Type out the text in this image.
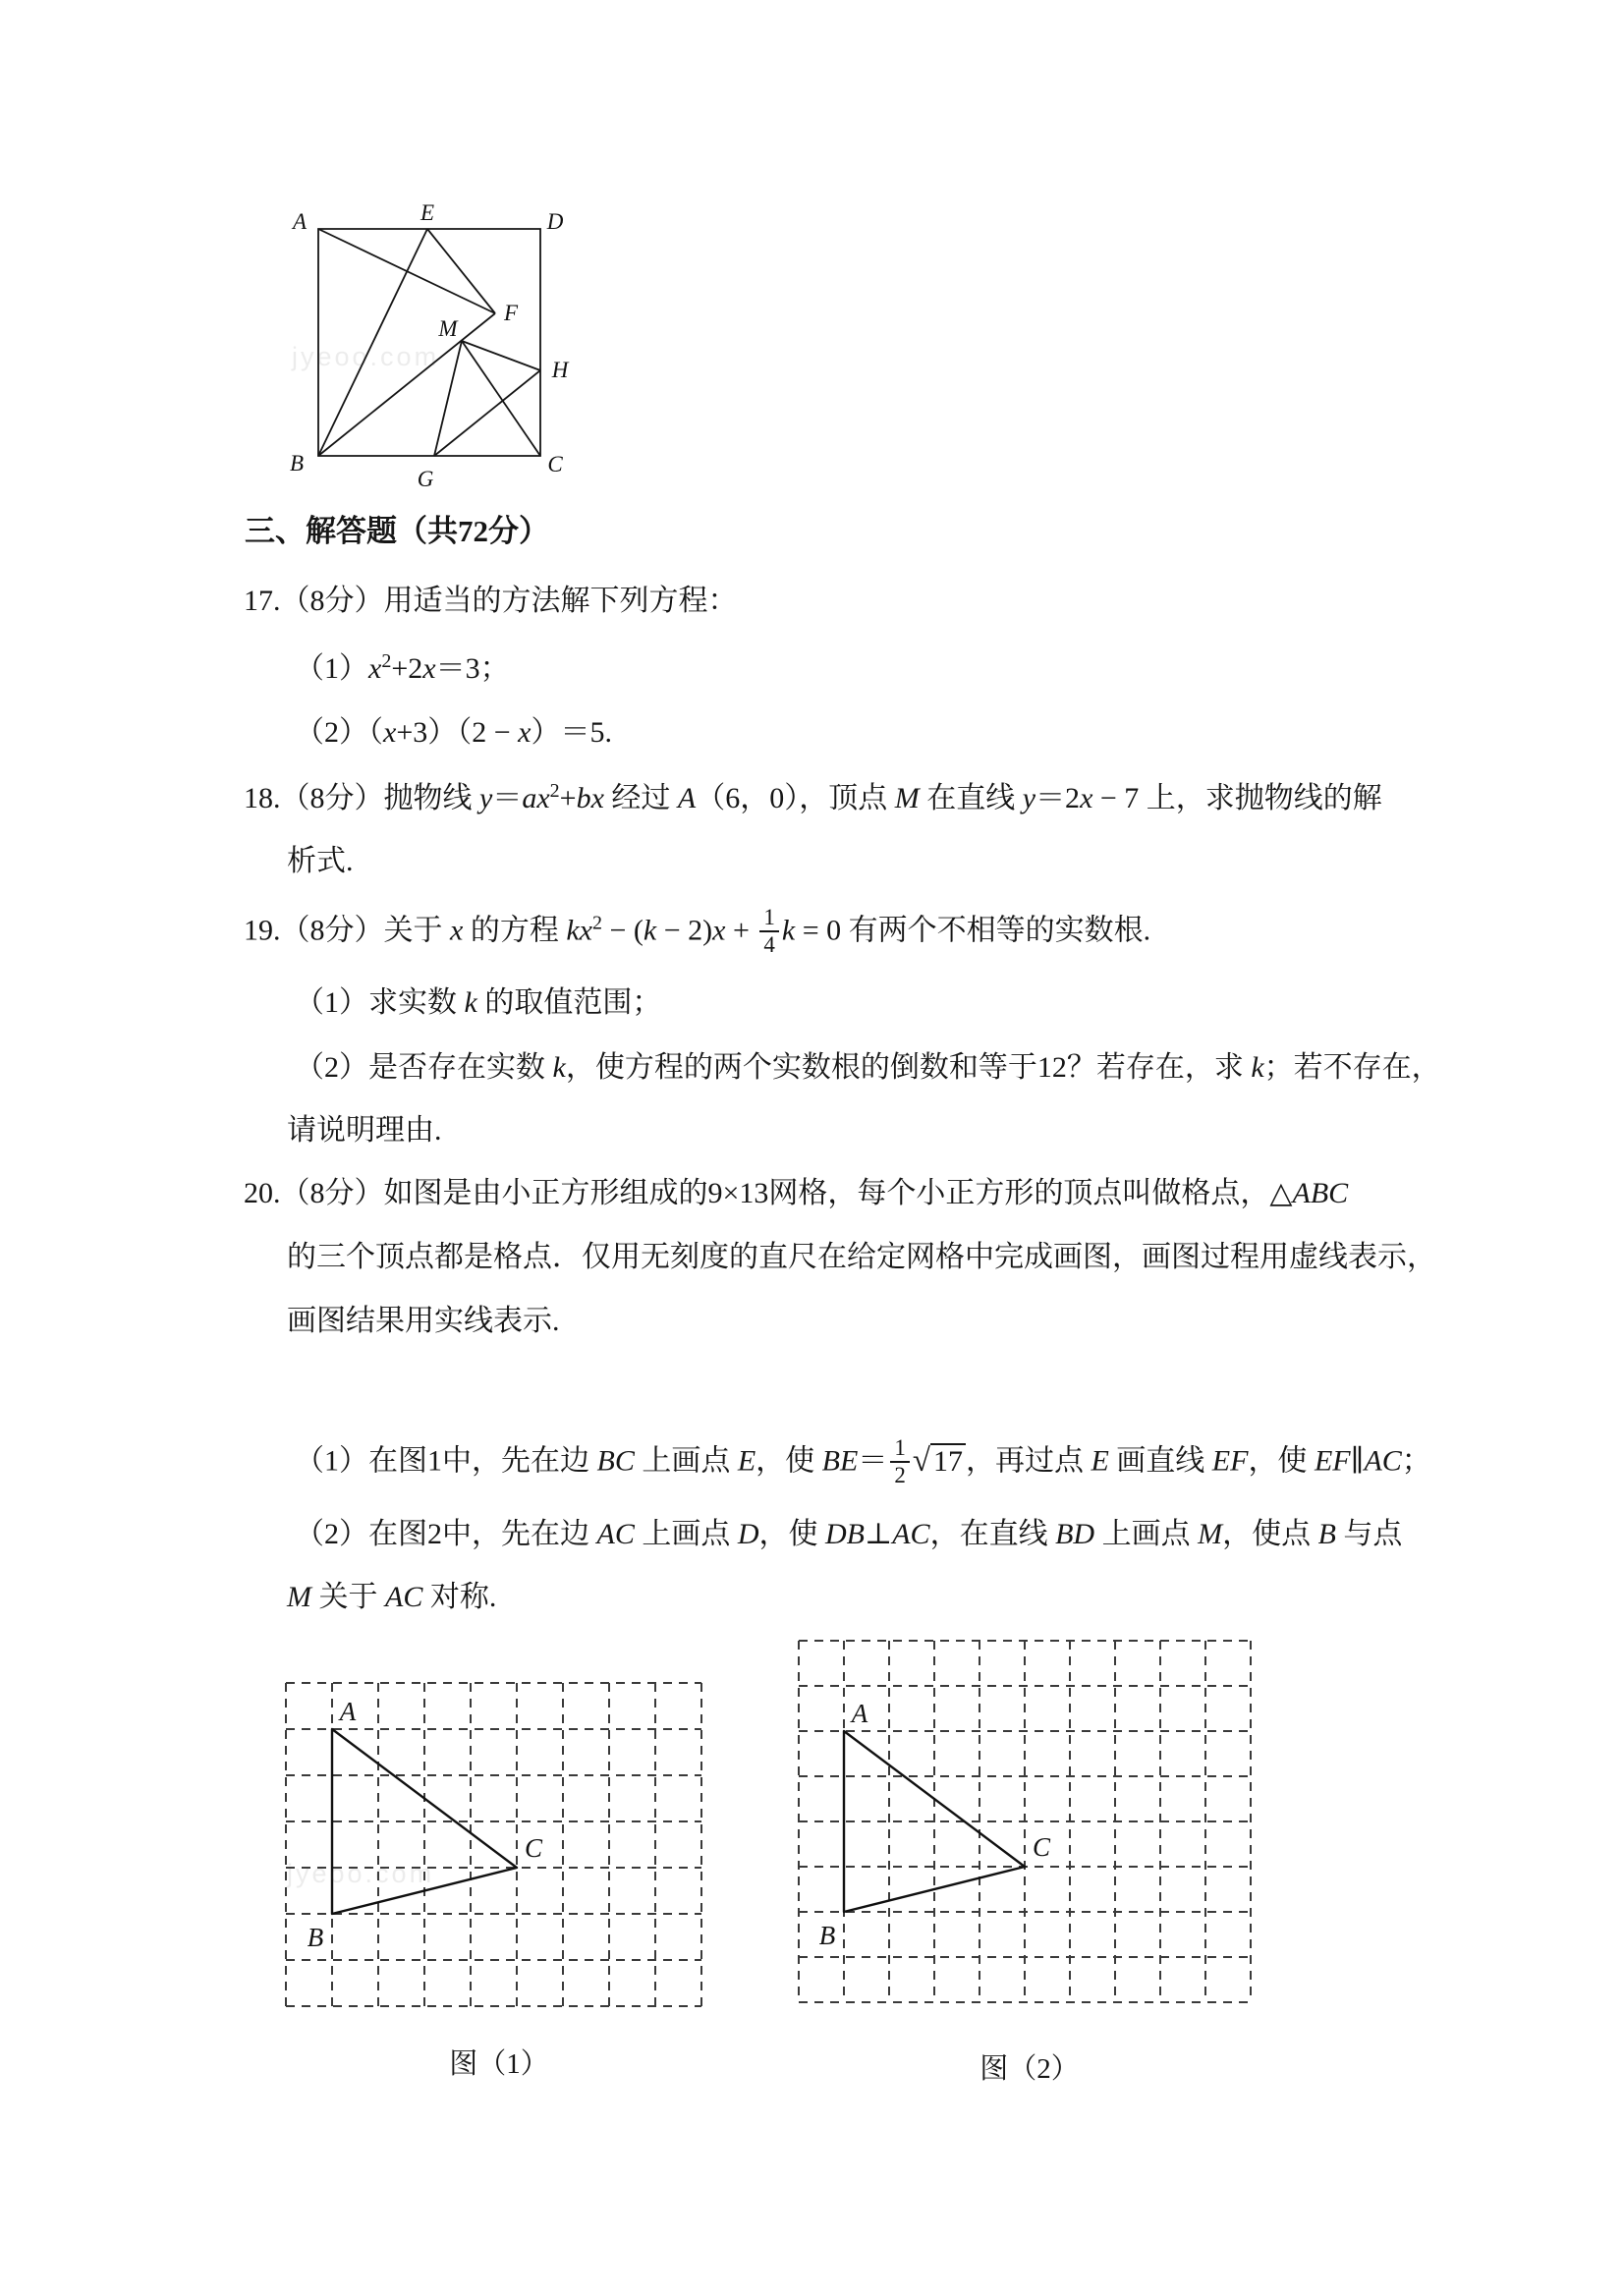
A	E	D
F
M
H
B
G
C
jyeoo.com
三、解答题（共72分）
17.（8分）用适当的方法解下列方程：
$(1)x^2+2x=3$；
（2）（x+3）（2 − x）＝5.
18.（8分）抛物线 $y=ax^2+bx$ 经过 A（6，0），顶点 M 在直线 y＝2x − 7 上，求抛物线的解
析式.
19.（8分）关于 x 的方程 $kx^2 - (k - 2)x + \frac{1}{4}$ k = 0 有两个不相等的实数根.
（1）求实数 k 的取值范围；
（2）是否存在实数 k，使方程的两个实数根的倒数和等于12？若存在，求 k；若不存在，
请说明理由.
20.（8分）如图是由小正方形组成的9×13网格，每个小正方形的顶点叫做格点，△ABC
的三个顶点都是格点．仅用无刻度的直尺在给定网格中完成画图，画图过程用虚线表示，
画图结果用实线表示.
（1）在图1中，先在边 BC 上画点 E，使 $BE= \frac{1}{2}$ √ 17 ，再过点 E 画直线 EF，使 EF∥AC；
（2）在图2中，先在边 AC 上画点 D，使 DB⊥AC，在直线 BD 上画点 M，使点 B 与点
M 关于 AC 对称.
A
B
C
A
B
C
jyeoo.com
图（1）	图（2）
